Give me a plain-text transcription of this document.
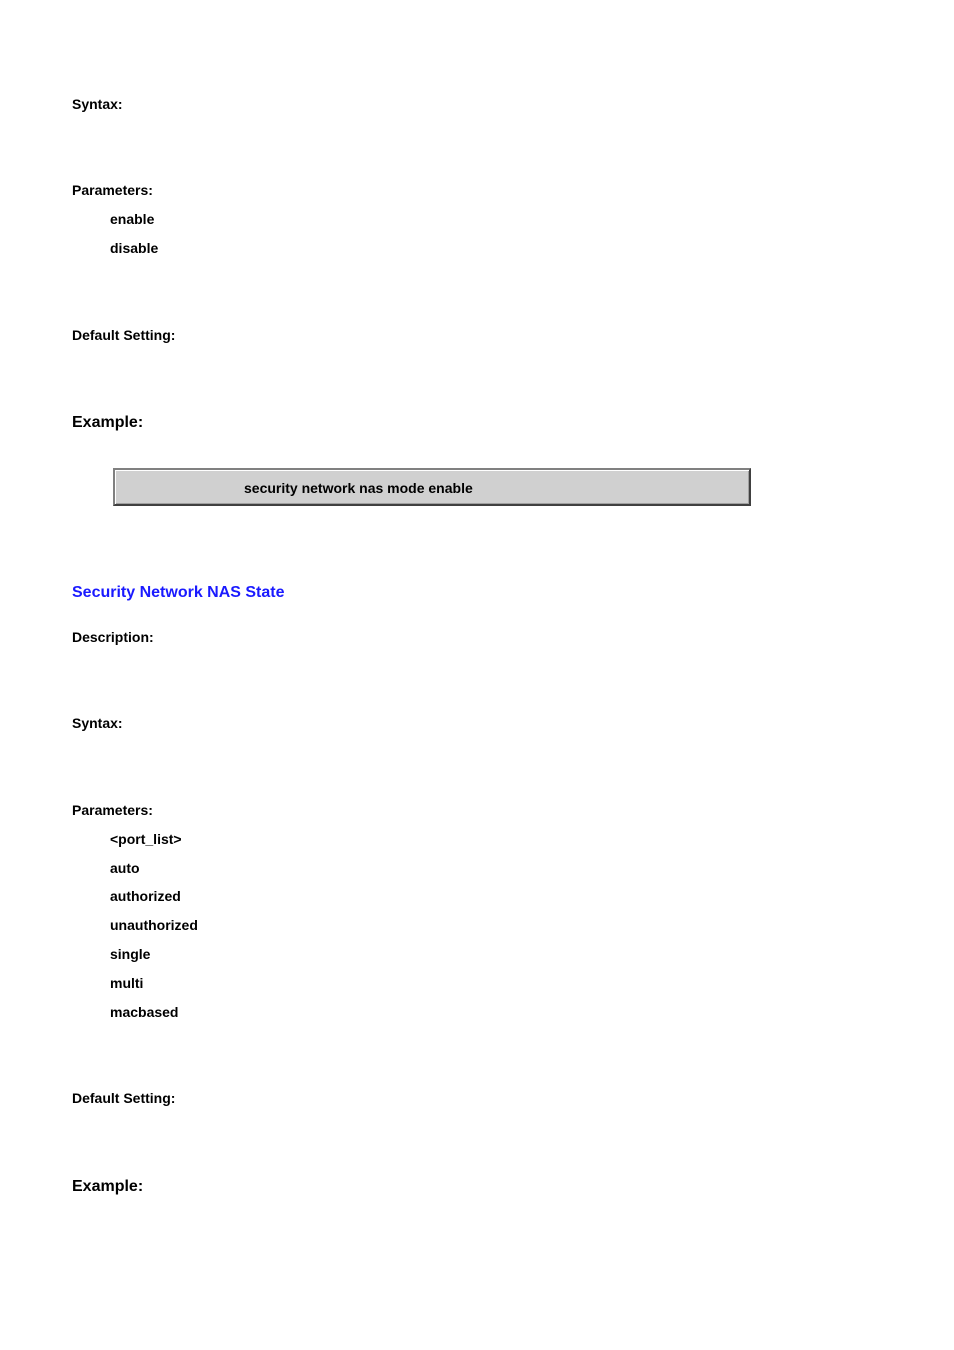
Syntax:
Parameters:
enable
disable
Default Setting:
Example:
security network nas mode enable
Security Network NAS State
Description:
Syntax:
Parameters:
<port_list>
auto
authorized
unauthorized
single
multi
macbased
Default Setting:
Example:
